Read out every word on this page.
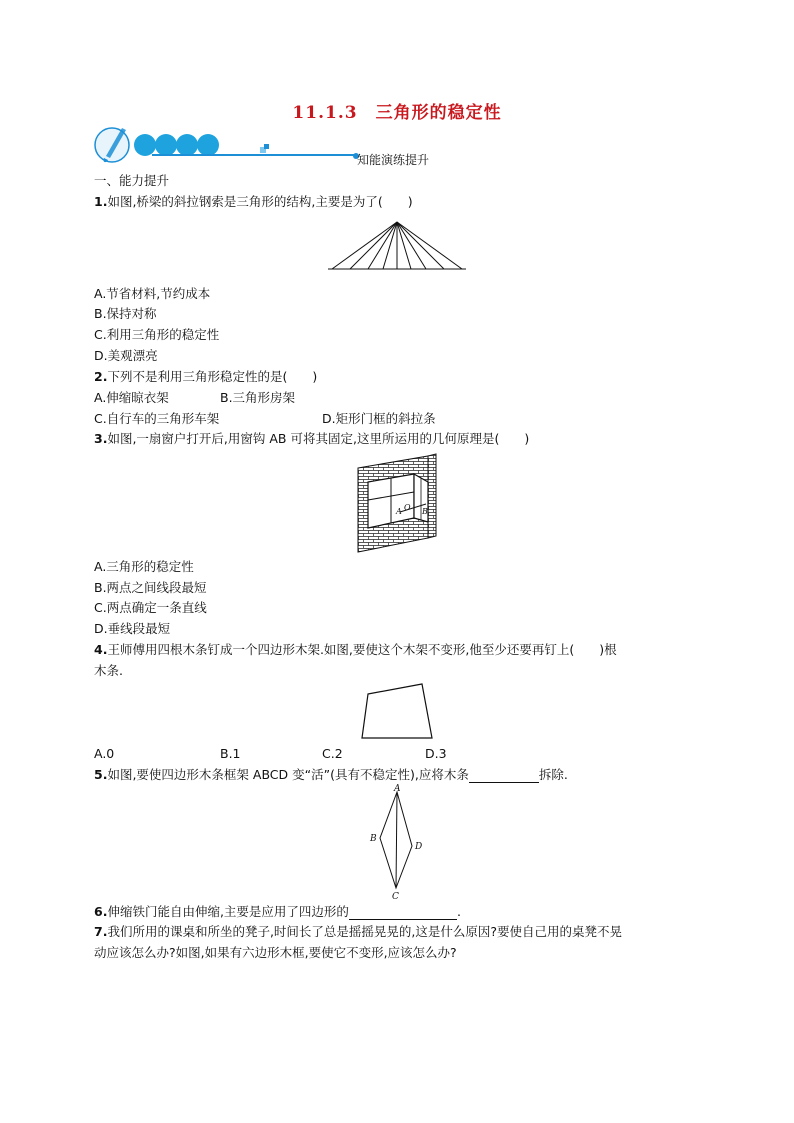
11.1.3　三角形的稳定性
知能演练提升
一、能力提升
1.如图,桥梁的斜拉钢索是三角形的结构,主要是为了(　　)
A.节省材料,节约成本
B.保持对称
C.利用三角形的稳定性
D.美观漂亮
2.下列不是利用三角形稳定性的是(　　)
A.伸缩晾衣架	B.三角形房架
C.自行车的三角形车架	D.矩形门框的斜拉条
3.如图,一扇窗户打开后,用窗钩 AB 可将其固定,这里所运用的几何原理是(　　)
A O B
A.三角形的稳定性
B.两点之间线段最短
C.两点确定一条直线
D.垂线段最短
4.王师傅用四根木条钉成一个四边形木架.如图,要使这个木架不变形,他至少还要再钉上(　　)根
木条.
A.0	B.1	C.2	D.3
5.如图,要使四边形木条框架 ABCD 变“活”(具有不稳定性),应将木条	拆除.
A
B
C
D
6.伸缩铁门能自由伸缩,主要是应用了四边形的	.
7.我们所用的课桌和所坐的凳子,时间长了总是摇摇晃晃的,这是什么原因?要使自己用的桌凳不晃
动应该怎么办?如图,如果有六边形木框,要使它不变形,应该怎么办?
